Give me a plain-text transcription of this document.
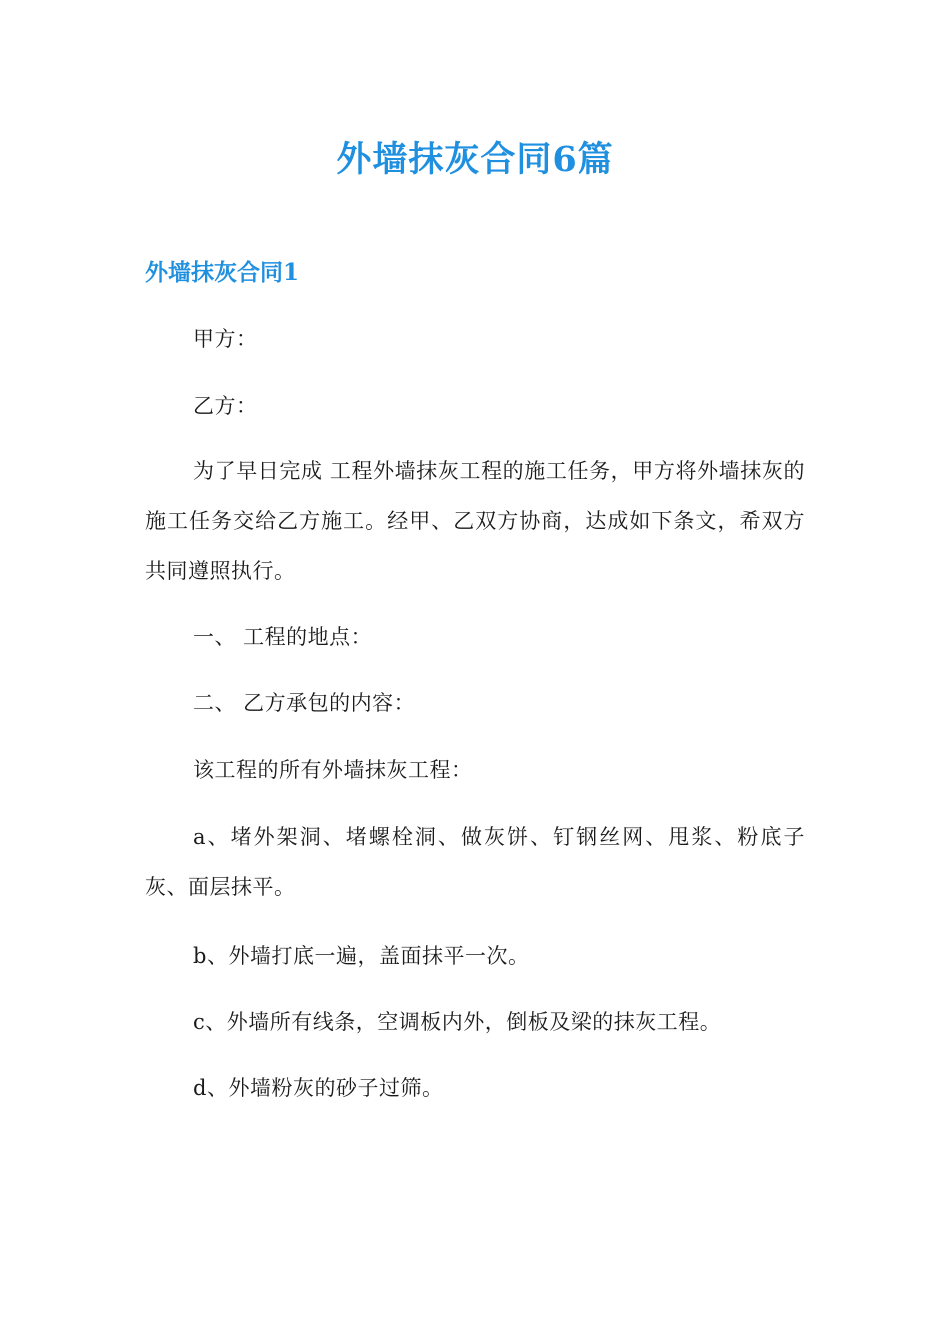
外墙抹灰合同6篇
外墙抹灰合同1

甲方：

乙方：

为了早日完成 工程外墙抹灰工程的施工任务，甲方将外墙抹灰的施工任务交给乙方施工。经甲、乙双方协商，达成如下条文，希双方共同遵照执行。

一、 工程的地点：

二、 乙方承包的内容：

该工程的所有外墙抹灰工程：

a、堵外架洞、堵螺栓洞、做灰饼、钉钢丝网、甩浆、粉底子灰、面层抹平。

b、外墙打底一遍，盖面抹平一次。

c、外墙所有线条，空调板内外，倒板及梁的抹灰工程。

d、外墙粉灰的砂子过筛。
